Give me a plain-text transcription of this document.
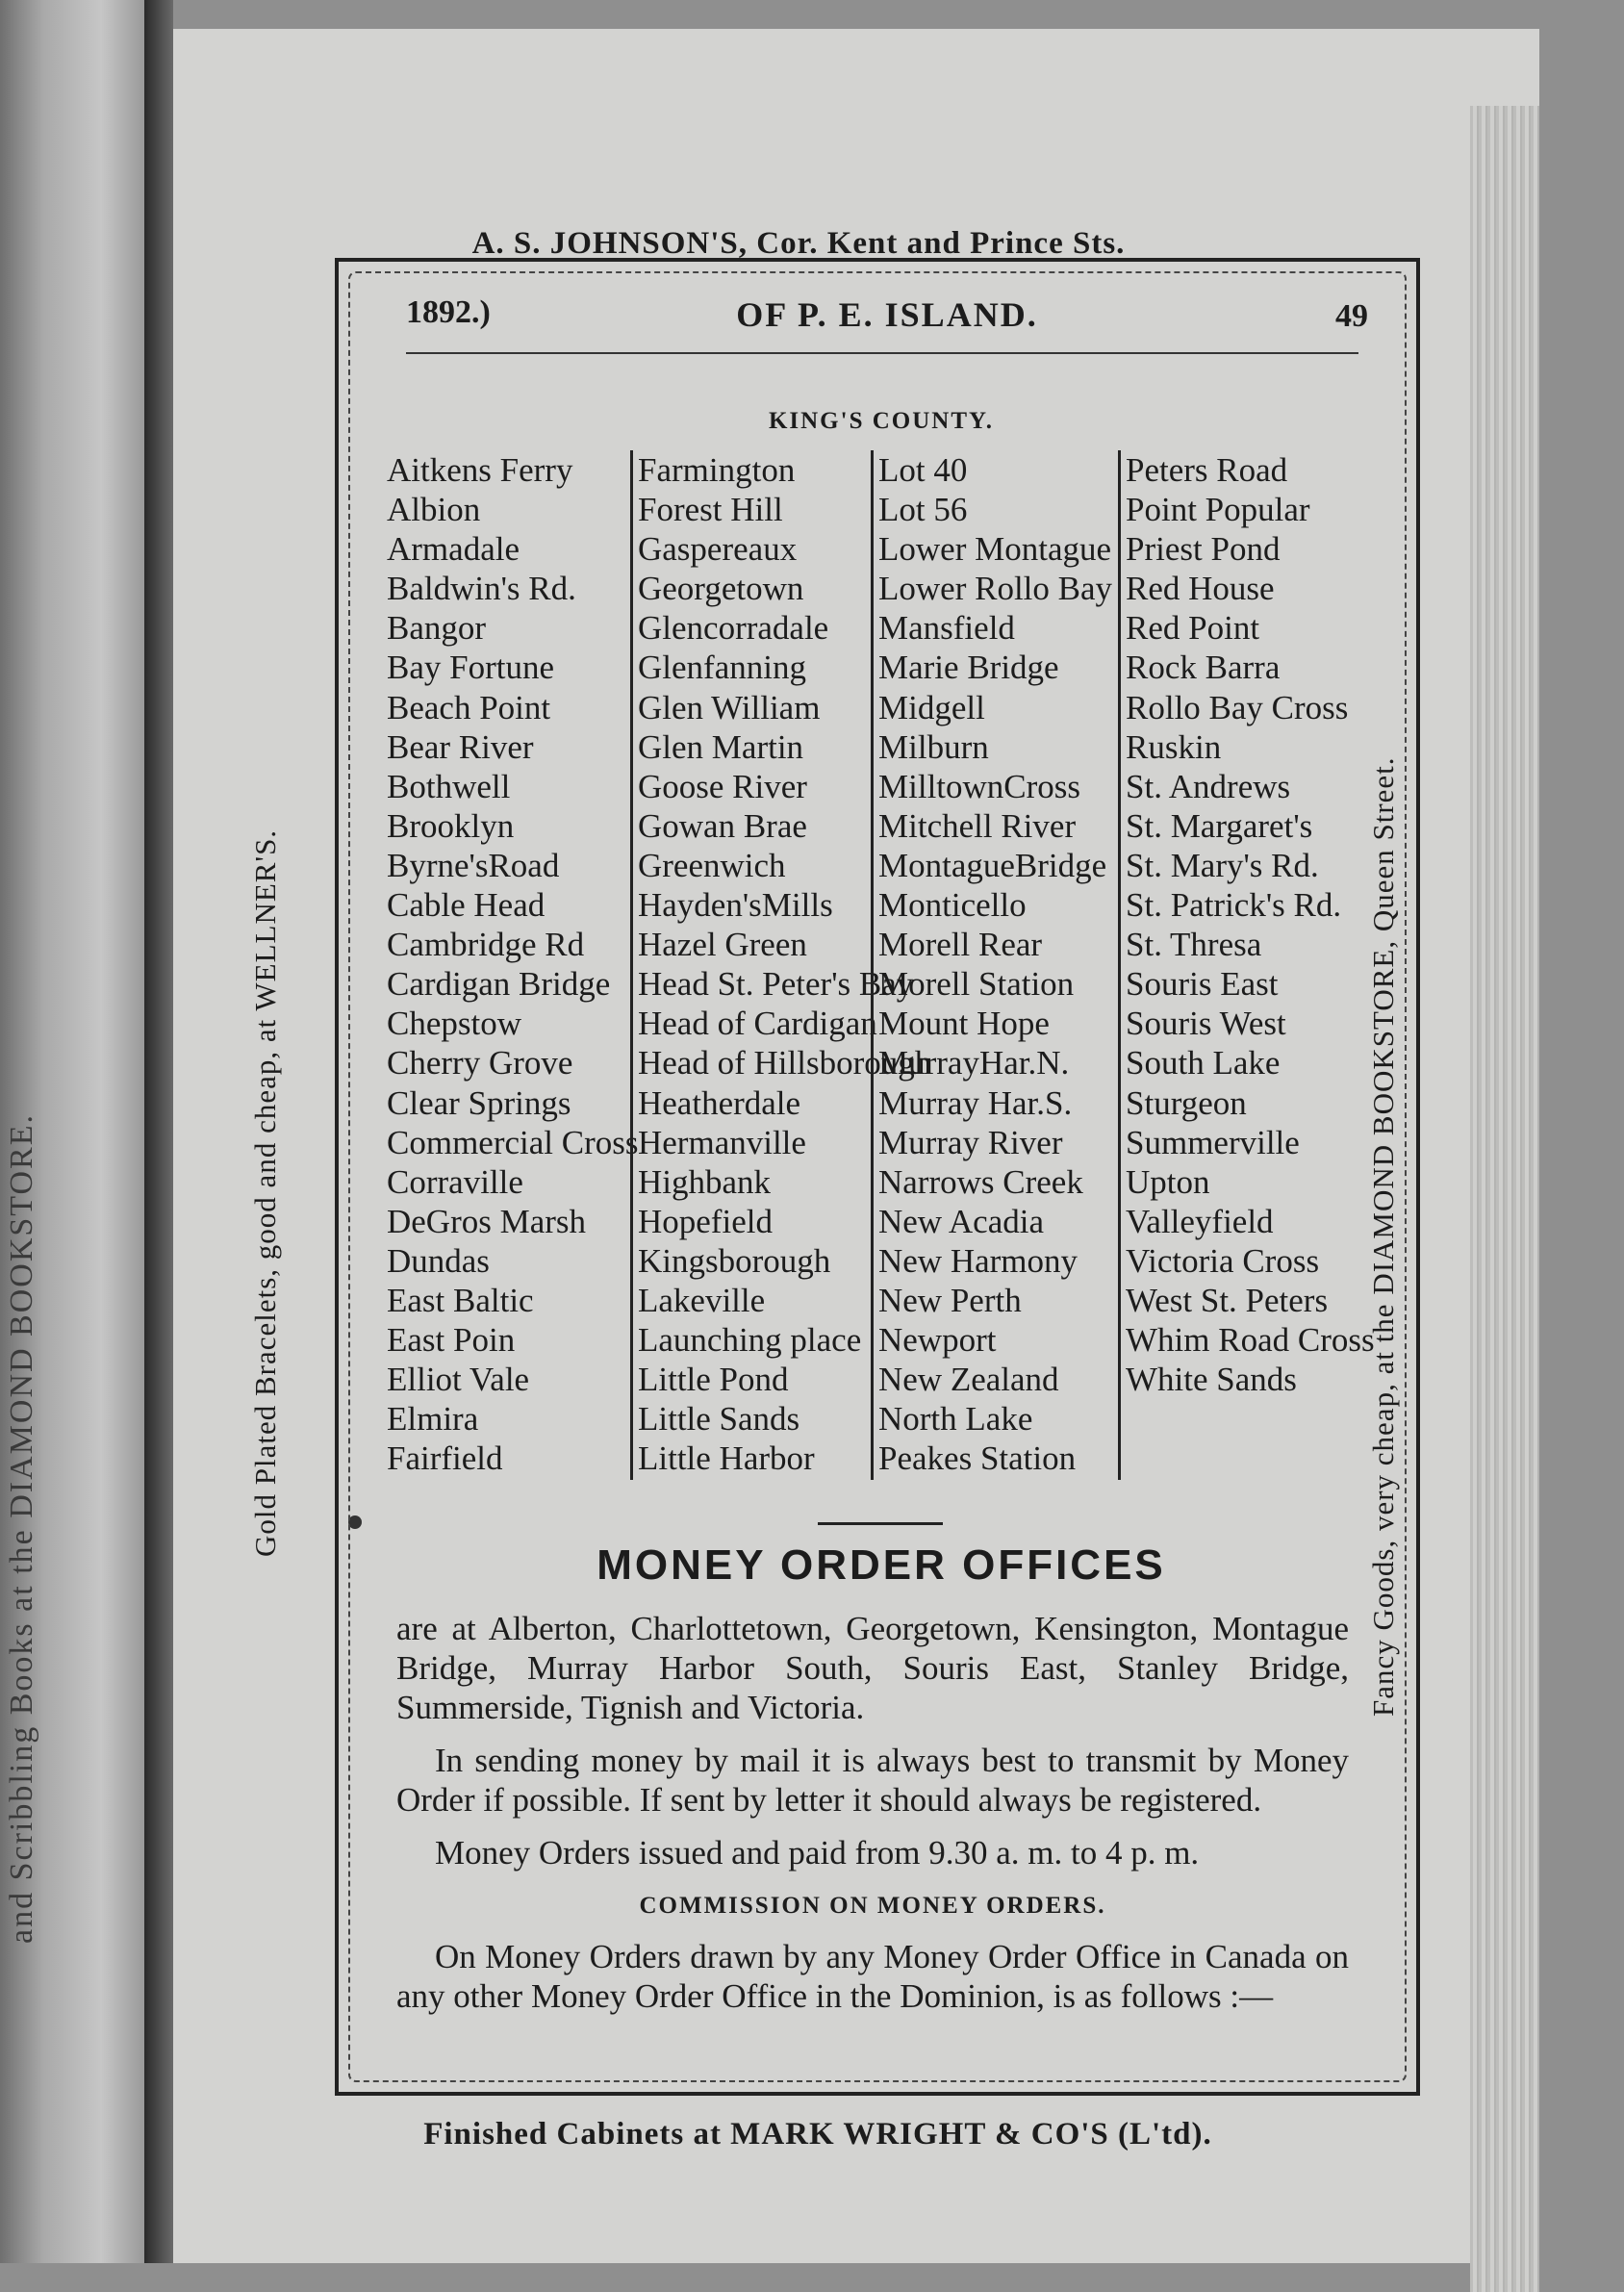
and Scribbling Books at the DIAMOND BOOKSTORE.
A. S. JOHNSON'S, Cor. Kent and Prince Sts.
Gold Plated Bracelets, good and cheap, at WELLNER'S.	Fancy Goods, very cheap, at the DIAMOND BOOKSTORE, Queen Street.
Finished Cabinets at MARK WRIGHT & CO'S (L'td).
OF P. E. ISLAND.
1892.)	49
KING'S COUNTY.
Aitkens Ferry
Albion
Armadale
Baldwin's Rd.
Bangor
Bay Fortune
Beach Point
Bear River
Bothwell
Brooklyn
Byrne'sRoad
Cable Head
Cambridge Rd
Cardigan Bridge
Chepstow
Cherry Grove
Clear Springs
Commercial Cross
Corraville
DeGros Marsh
Dundas
East Baltic
East Poin
Elliot Vale
Elmira
Fairfield
Farmington
Forest Hill
Gaspereaux
Georgetown
Glencorradale
Glenfanning
Glen William
Glen Martin
Goose River
Gowan Brae
Greenwich
Hayden'sMills
Hazel Green
Head St. Peter's Bay
Head of Cardigan
Head of Hillsborough
Heatherdale
Hermanville
Highbank
Hopefield
Kingsborough
Lakeville
Launching place
Little Pond
Little Sands
Little Harbor
Lot 40
Lot 56
Lower Montague
Lower Rollo Bay
Mansfield
Marie Bridge
Midgell
Milburn
MilltownCross
Mitchell River
MontagueBridge
Monticello
Morell Rear
Morell Station
Mount Hope
MurrayHar.N.
Murray Har.S.
Murray River
Narrows Creek
New Acadia
New Harmony
New Perth
Newport
New Zealand
North Lake
Peakes Station
Peters Road
Point Popular
Priest Pond
Red House
Red Point
Rock Barra
Rollo Bay Cross
Ruskin
St. Andrews
St. Margaret's
St. Mary's Rd.
St. Patrick's Rd.
St. Thresa
Souris East
Souris West
South Lake
Sturgeon
Summerville
Upton
Valleyfield
Victoria Cross
West St. Peters
Whim Road Cross
White Sands
MONEY ORDER OFFICES

are at Alberton, Charlottetown, Georgetown, Kensington, Montague Bridge, Murray Harbor South, Souris East, Stanley Bridge, Summerside, Tignish and Victoria.

In sending money by mail it is always best to transmit by Money Order if possible. If sent by letter it should always be registered.

Money Orders issued and paid from 9.30 a. m. to 4 p. m.

COMMISSION ON MONEY ORDERS.

On Money Orders drawn by any Money Order Office in Canada on any other Money Order Office in the Dominion, is as follows :—
